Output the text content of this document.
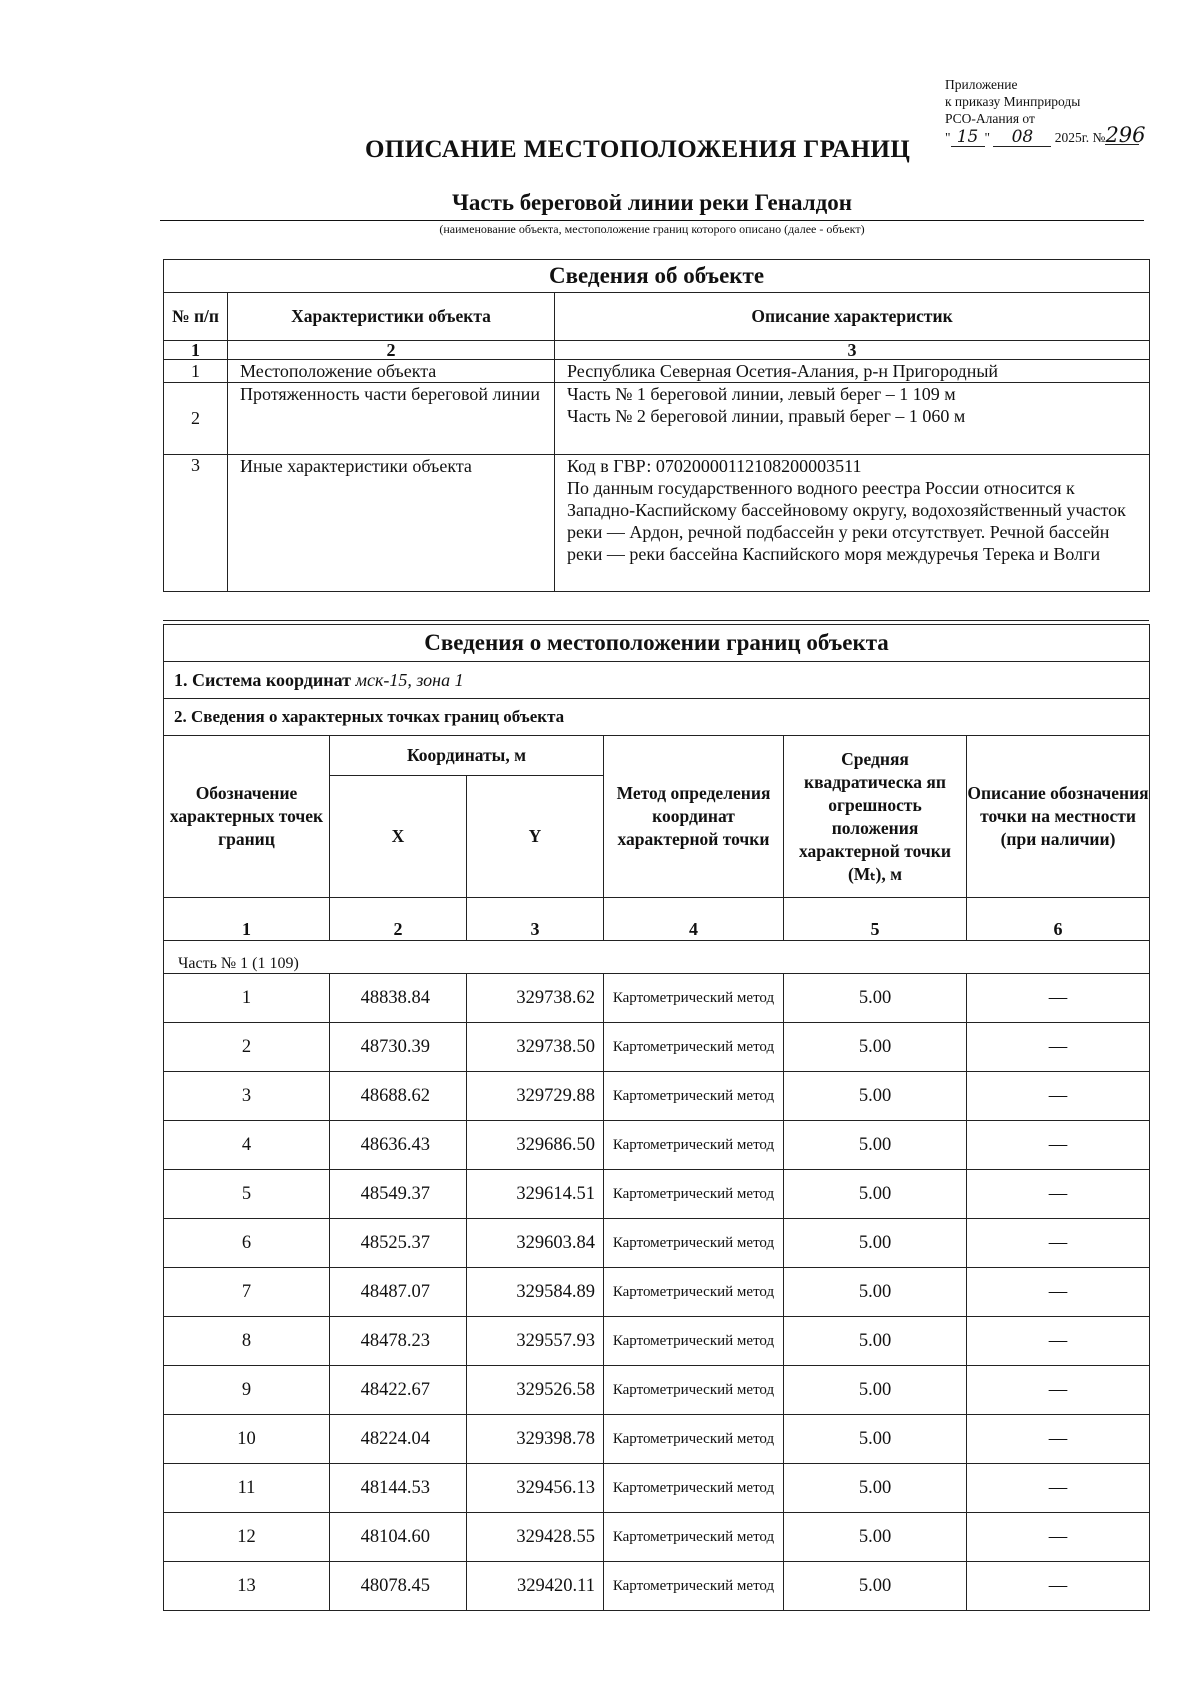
Приложение
к приказу Минприроды
РСО-Алания от
" 15 " 08 2025г. №296
ОПИСАНИЕ МЕСТОПОЛОЖЕНИЯ ГРАНИЦ
Часть береговой линии реки Геналдон
(наименование объекта, местоположение границ которого описано (далее - объект)
Сведения об объекте		
№ п/п	Характеристики объекта	Описание характеристик
1	2	3
1	Местоположение объекта	Республика Северная Осетия-Алания, р-н Пригородный
2	Протяженность части береговой линии	Часть № 1 береговой линии, левый берег – 1 109 м
Часть № 2 береговой линии, правый берег – 1 060 м

3	Иные характеристики объекта	Код в ГВР: 07020000112108200003511
По данным государственного водного реестра России относится к Западно-Каспийскому бассейновому округу, водохозяйственный участок реки — Ардон, речной подбассейн у реки отсутствует. Речной бассейн реки — реки бассейна Каспийского моря междуречья Терека и Волги
Сведения о местоположении границ объекта					
1. Система координат мск-15, зона 1					
2. Сведения о характерных точках границ объекта					
Обозначение характерных точек границ	Координаты, м		Метод определения координат характерной точки	Средняя квадратическа яп огрешность положения характерной точки (Мₜ), м	Описание обозначения точки на местности (при наличии)
	X	Y			
1	2	3	4	5	6
Часть № 1 (1 109)					
1	48838.84	329738.62	Картометрический метод	5.00	—
2	48730.39	329738.50	Картометрический метод	5.00	—
3	48688.62	329729.88	Картометрический метод	5.00	—
4	48636.43	329686.50	Картометрический метод	5.00	—
5	48549.37	329614.51	Картометрический метод	5.00	—
6	48525.37	329603.84	Картометрический метод	5.00	—
7	48487.07	329584.89	Картометрический метод	5.00	—
8	48478.23	329557.93	Картометрический метод	5.00	—
9	48422.67	329526.58	Картометрический метод	5.00	—
10	48224.04	329398.78	Картометрический метод	5.00	—
11	48144.53	329456.13	Картометрический метод	5.00	—
12	48104.60	329428.55	Картометрический метод	5.00	—
13	48078.45	329420.11	Картометрический метод	5.00	—
